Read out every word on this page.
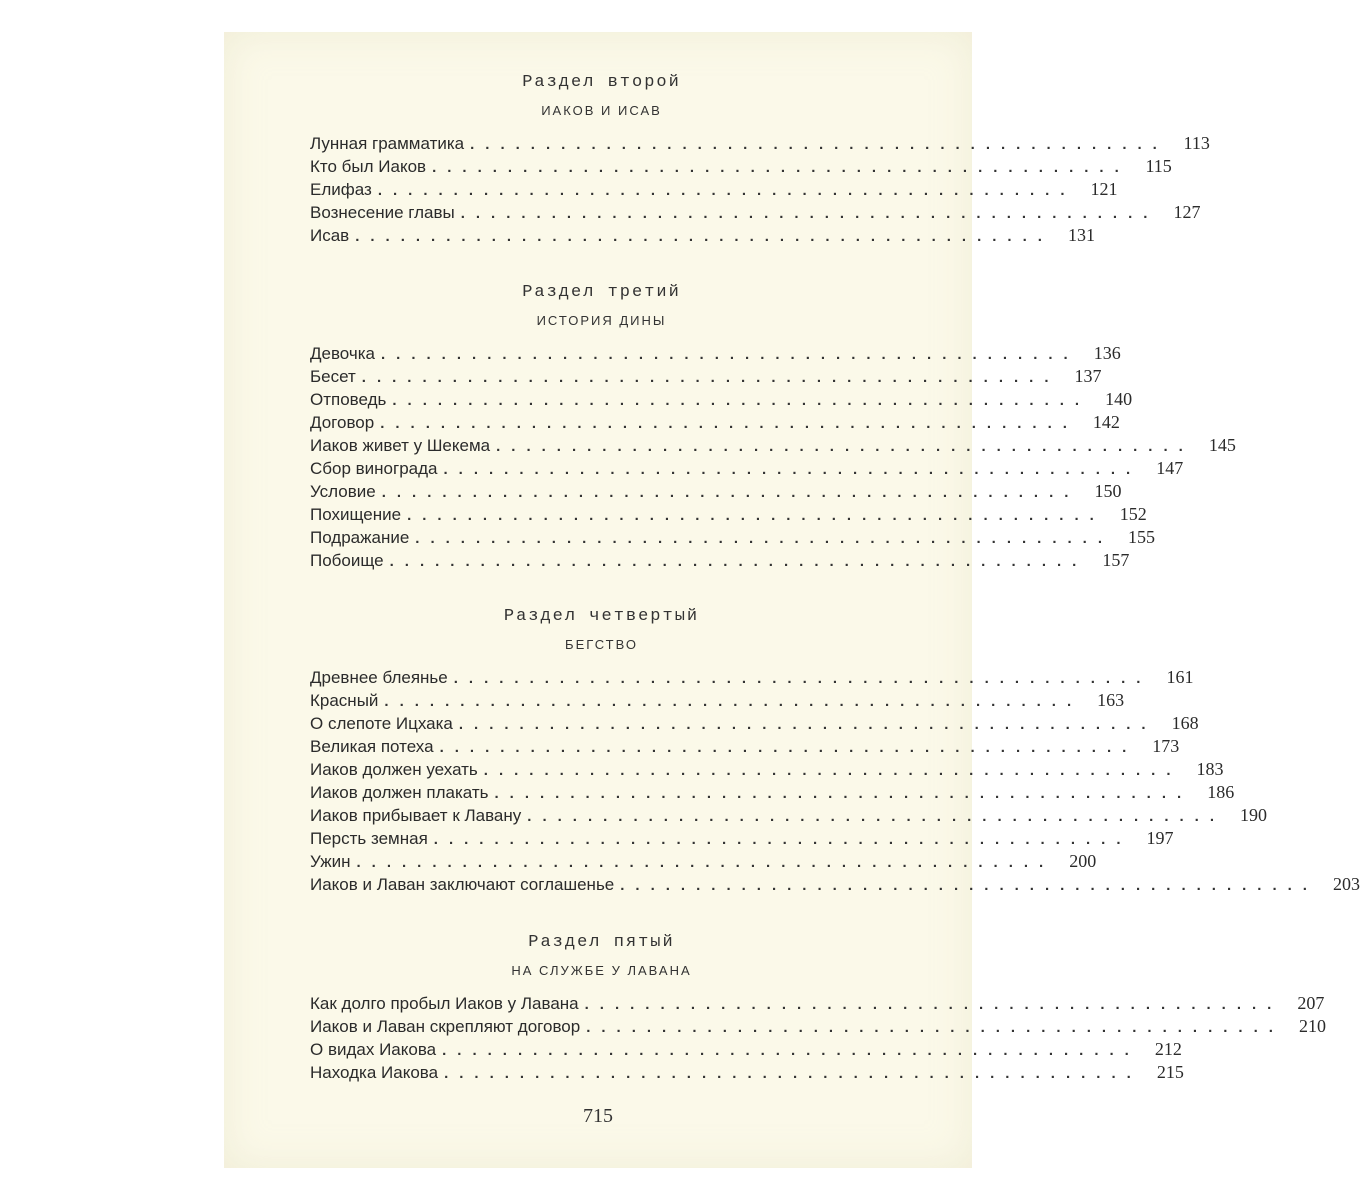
Раздел второй
ИАКОВ И ИСАВ
Лунная грамматика .............................................. 113
Кто был Иаков .............................................. 115
Елифаз .............................................. 121
Вознесение главы .............................................. 127
Исав .............................................. 131
Раздел третий
ИСТОРИЯ ДИНЫ
Девочка .............................................. 136
Бесет .............................................. 137
Отповедь .............................................. 140
Договор .............................................. 142
Иаков живет у Шекема .............................................. 145
Сбор винограда .............................................. 147
Условие .............................................. 150
Похищение .............................................. 152
Подражание .............................................. 155
Побоище .............................................. 157
Раздел четвертый
БЕГСТВО
Древнее блеянье .............................................. 161
Красный .............................................. 163
О слепоте Ицхака .............................................. 168
Великая потеха .............................................. 173
Иаков должен уехать .............................................. 183
Иаков должен плакать .............................................. 186
Иаков прибывает к Лавану .............................................. 190
Персть земная .............................................. 197
Ужин .............................................. 200
Иаков и Лаван заключают соглашенье .............................................. 203
Раздел пятый
НА СЛУЖБЕ У ЛАВАНА
Как долго пробыл Иаков у Лавана .............................................. 207
Иаков и Лаван скрепляют договор .............................................. 210
О видах Иакова .............................................. 212
Находка Иакова .............................................. 215
715
